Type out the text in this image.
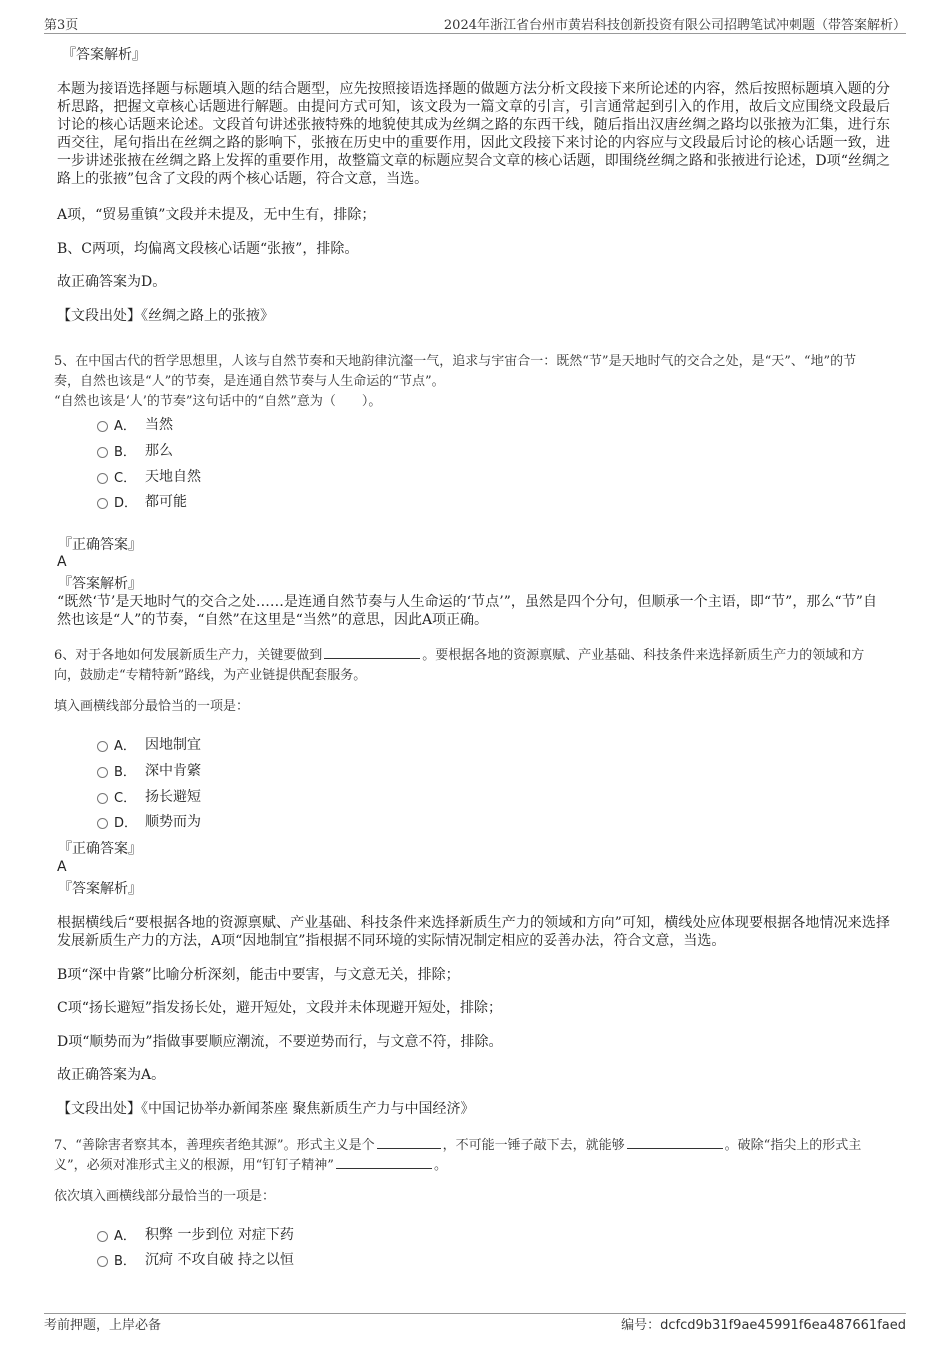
第3页	2024年浙江省台州市黄岩科技创新投资有限公司招聘笔试冲刺题（带答案解析）
『答案解析』
本题为接语选择题与标题填入题的结合题型，应先按照接语选择题的做题方法分析文段接下来所论述的内容，然后按照标题填入题的分析思路，把握文章核心话题进行解题。由提问方式可知，该文段为一篇文章的引言，引言通常起到引入的作用，故后文应围绕文段最后讨论的核心话题来论述。文段首句讲述张掖特殊的地貌使其成为丝绸之路的东西干线，随后指出汉唐丝绸之路均以张掖为汇集，进行东西交往，尾句指出在丝绸之路的影响下，张掖在历史中的重要作用，因此文段接下来讨论的内容应与文段最后讨论的核心话题一致，进一步讲述张掖在丝绸之路上发挥的重要作用，故整篇文章的标题应契合文章的核心话题，即围绕丝绸之路和张掖进行论述，D项“丝绸之路上的张掖”包含了文段的两个核心话题，符合文意，当选。
A项，“贸易重镇”文段并未提及，无中生有，排除；
B、C两项，均偏离文段核心话题“张掖”，排除。
故正确答案为D。
【文段出处】《丝绸之路上的张掖》
5、在中国古代的哲学思想里，人该与自然节奏和天地韵律沆瀣一气，追求与宇宙合一：既然“节”是天地时气的交合之处，是“天”、“地”的节
奏，自然也该是“人”的节奏，是连通自然节奏与人生命运的“节点”。
“自然也该是‘人’的节奏”这句话中的“自然”意为（　　）。
A． 当然
B． 那么
C． 天地自然
D． 都可能
『正确答案』
A
『答案解析』
“既然‘节’是天地时气的交合之处……是连通自然节奏与人生命运的‘节点’”，虽然是四个分句，但顺承一个主语，即“节”，那么“节”自然也该是“人”的节奏，“自然”在这里是“当然”的意思，因此A项正确。
6、对于各地如何发展新质生产力，关键要做到	。要根据各地的资源禀赋、产业基础、科技条件来选择新质生产力的领域和方
向，鼓励走“专精特新”路线，为产业链提供配套服务。
填入画横线部分最恰当的一项是：
A． 因地制宜
B． 深中肯綮
C． 扬长避短
D． 顺势而为
『正确答案』
A
『答案解析』
根据横线后“要根据各地的资源禀赋、产业基础、科技条件来选择新质生产力的领域和方向”可知，横线处应体现要根据各地情况来选择发展新质生产力的方法，A项“因地制宜”指根据不同环境的实际情况制定相应的妥善办法，符合文意，当选。
B项“深中肯綮”比喻分析深刻，能击中要害，与文意无关，排除；
C项“扬长避短”指发扬长处，避开短处，文段并未体现避开短处，排除；
D项“顺势而为”指做事要顺应潮流，不要逆势而行，与文意不符，排除。
故正确答案为A。
【文段出处】《中国记协举办新闻茶座 聚焦新质生产力与中国经济》
7、“善除害者察其本，善理疾者绝其源”。形式主义是个	，不可能一锤子敲下去，就能够	。破除“指尖上的形式主
义”，必须对准形式主义的根源，用“钉钉子精神”	。
依次填入画横线部分最恰当的一项是：
A． 积弊 一步到位 对症下药
B． 沉疴 不攻自破 持之以恒
考前押题，上岸必备	编号：dcfcd9b31f9ae45991f6ea487661faed
